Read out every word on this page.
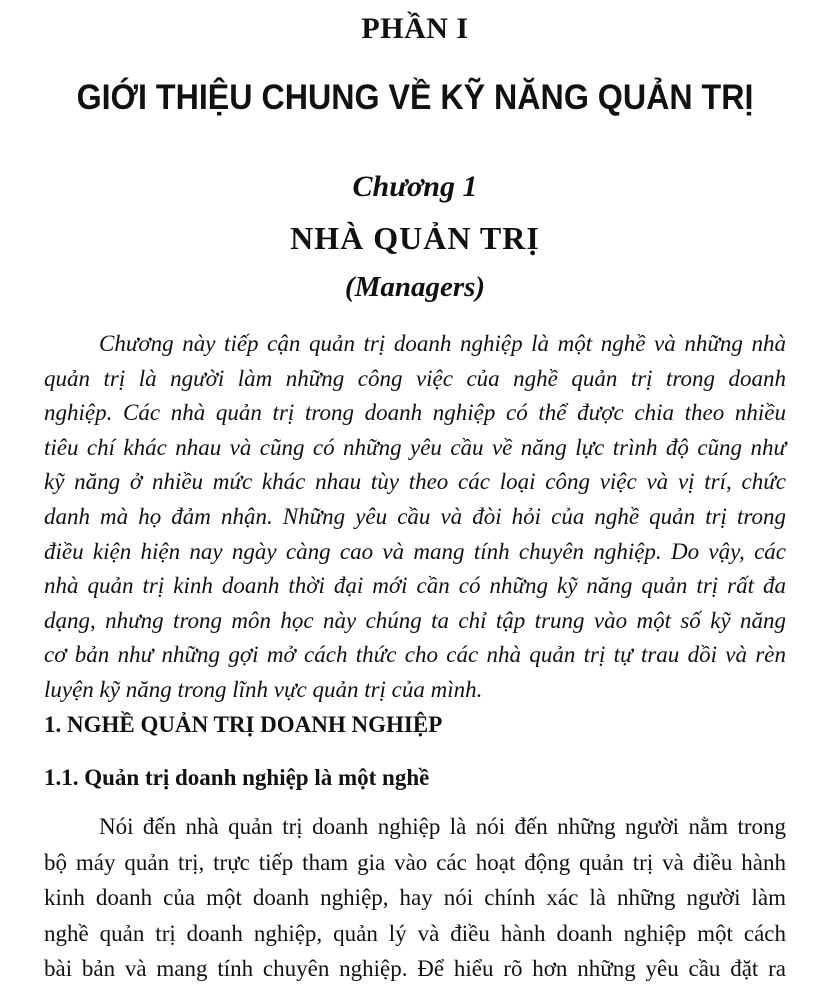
PHẦN I
GIỚI THIỆU CHUNG VỀ KỸ NĂNG QUẢN TRỊ
Chương 1
NHÀ QUẢN TRỊ
(Managers)

Chương này tiếp cận quản trị doanh nghiệp là một nghề và những nhà
quản trị là người làm những công việc của nghề quản trị trong doanh
nghiệp. Các nhà quản trị trong doanh nghiệp có thể được chia theo nhiều
tiêu chí khác nhau và cũng có những yêu cầu về năng lực trình độ cũng như
kỹ năng ở nhiều mức khác nhau tùy theo các loại công việc và vị trí, chức
danh mà họ đảm nhận. Những yêu cầu và đòi hỏi của nghề quản trị trong
điều kiện hiện nay ngày càng cao và mang tính chuyên nghiệp. Do vậy, các
nhà quản trị kinh doanh thời đại mới cần có những kỹ năng quản trị rất đa
dạng, nhưng trong môn học này chúng ta chỉ tập trung vào một số kỹ năng
cơ bản như những gợi mở cách thức cho các nhà quản trị tự trau dồi và rèn
luyện kỹ năng trong lĩnh vực quản trị của mình.

1. NGHỀ QUẢN TRỊ DOANH NGHIỆP
1.1. Quản trị doanh nghiệp là một nghề

Nói đến nhà quản trị doanh nghiệp là nói đến những người nằm trong
bộ máy quản trị, trực tiếp tham gia vào các hoạt động quản trị và điều hành
kinh doanh của một doanh nghiệp, hay nói chính xác là những người làm
nghề quản trị doanh nghiệp, quản lý và điều hành doanh nghiệp một cách
bài bản và mang tính chuyên nghiệp. Để hiểu rõ hơn những yêu cầu đặt ra
